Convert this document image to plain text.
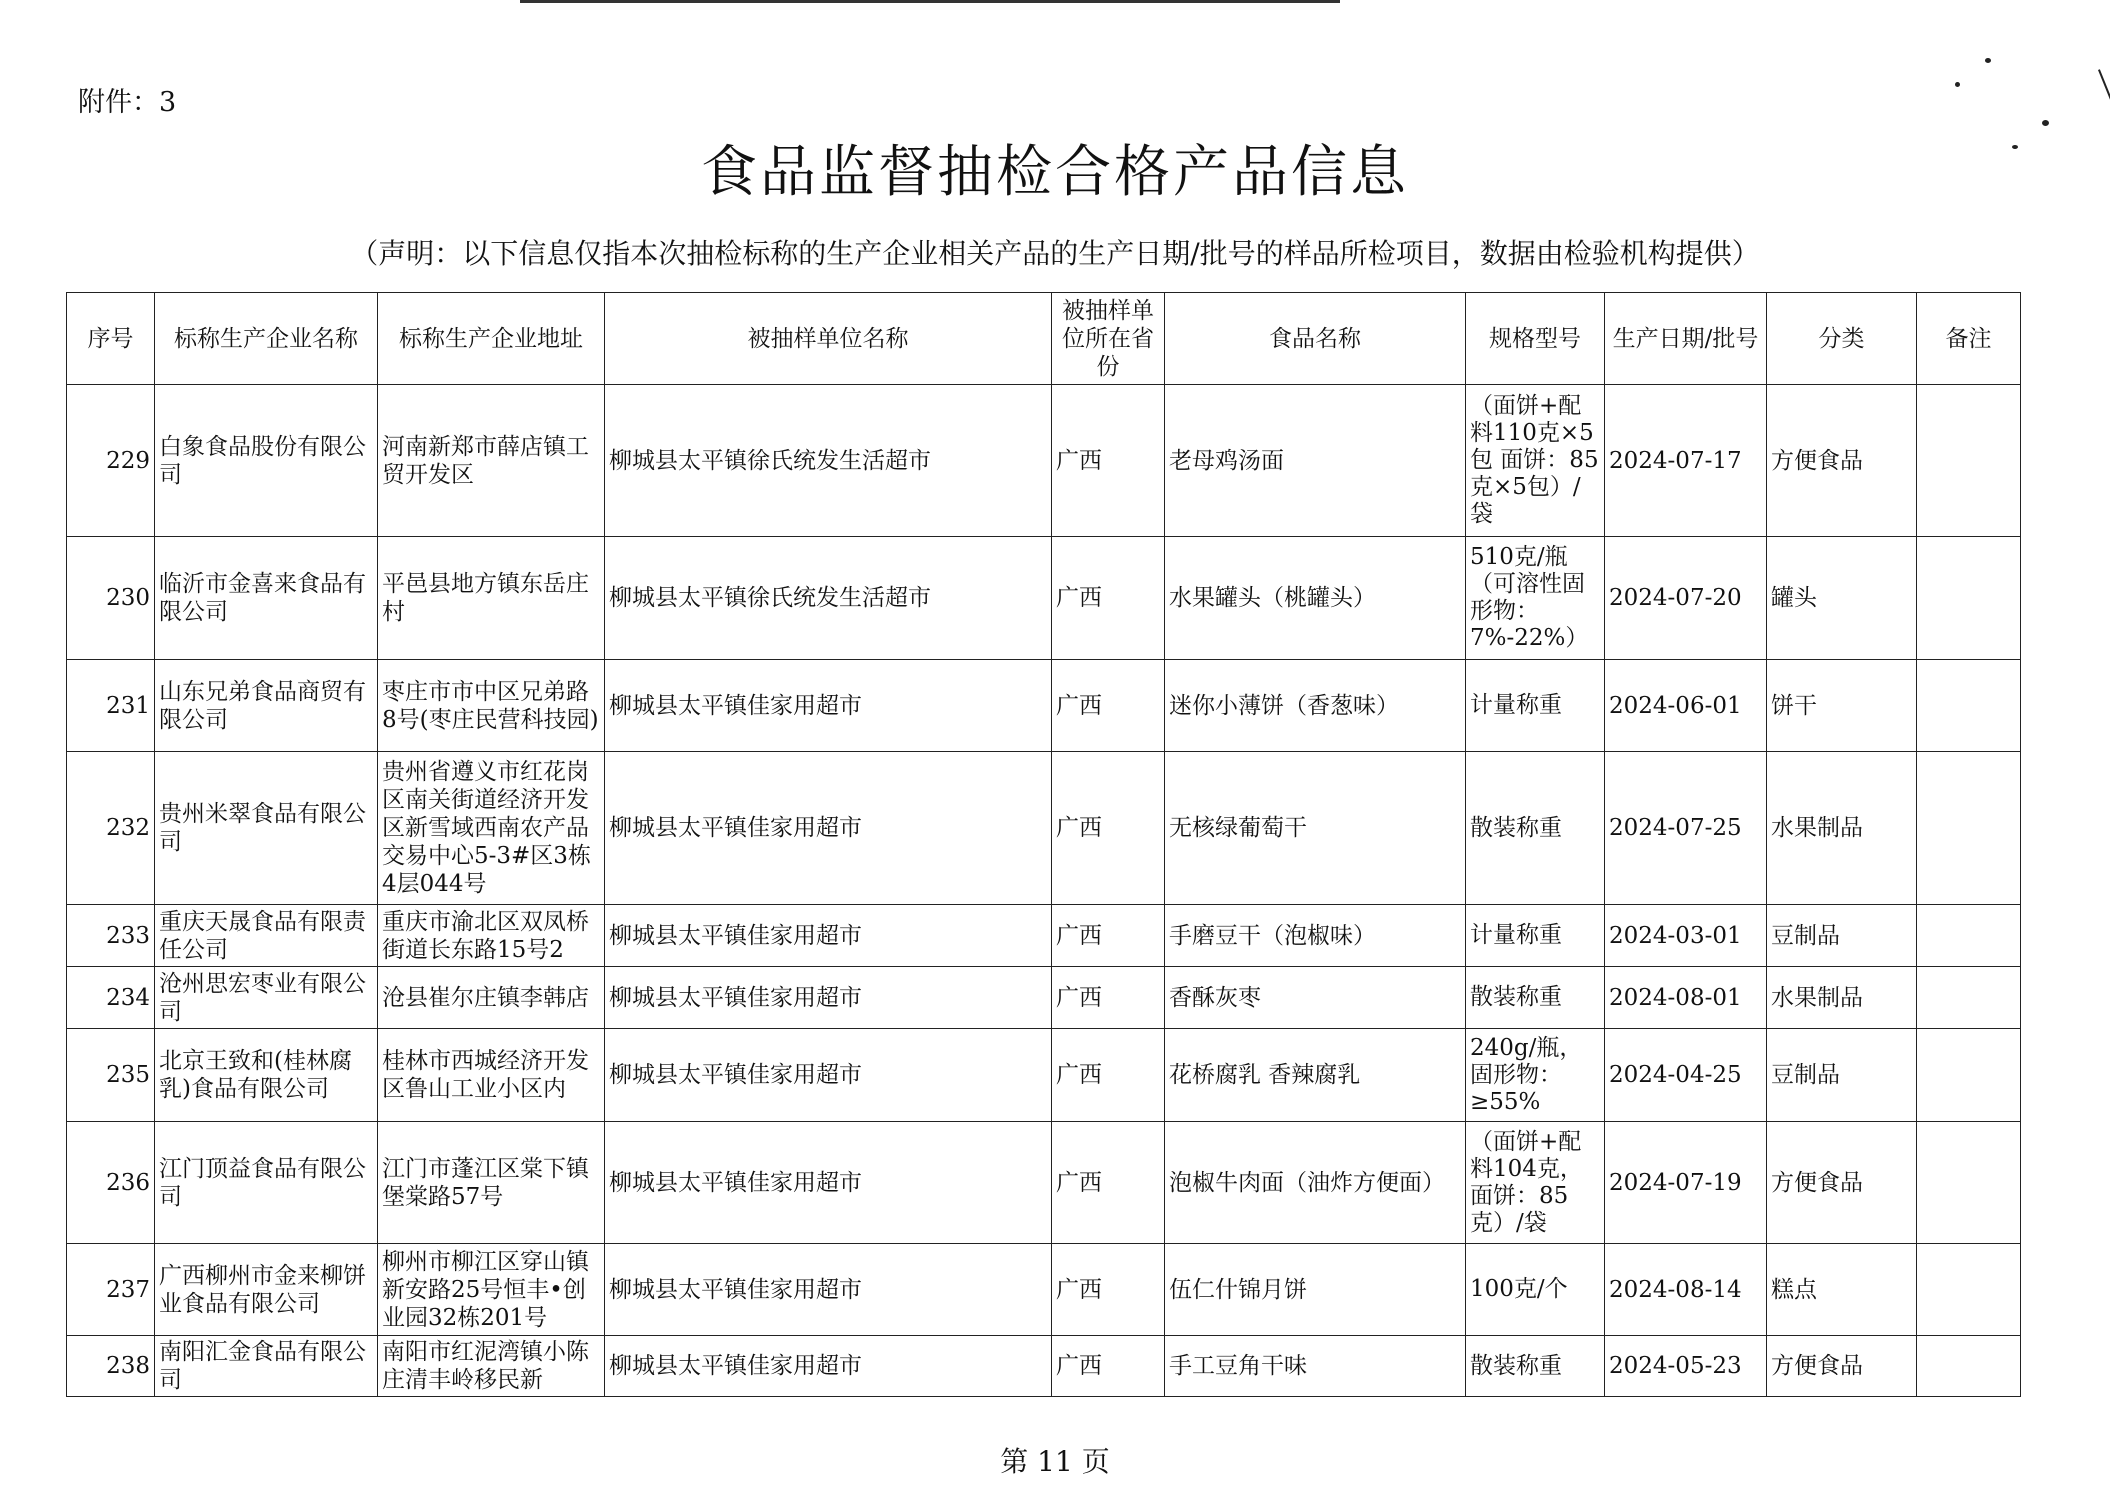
附件：3
食品监督抽检合格产品信息
（声明：以下信息仅指本次抽检标称的生产企业相关产品的生产日期/批号的样品所检项目，数据由检验机构提供）
序号	标称生产企业名称	标称生产企业地址	被抽样单位名称	被抽样单位所在省份	食品名称	规格型号	生产日期/批号	分类	备注
229	白象食品股份有限公司	河南新郑市薛店镇工贸开发区	柳城县太平镇徐氏统发生活超市	广西	老母鸡汤面	（面饼+配料110克×5包 面饼：85克×5包）/袋	2024-07-17	方便食品	
230	临沂市金喜来食品有限公司	平邑县地方镇东岳庄村	柳城县太平镇徐氏统发生活超市	广西	水果罐头（桃罐头）	510克/瓶（可溶性固形物：7%-22%）	2024-07-20	罐头	
231	山东兄弟食品商贸有限公司	枣庄市市中区兄弟路8号(枣庄民营科技园)	柳城县太平镇佳家用超市	广西	迷你小薄饼（香葱味）	计量称重	2024-06-01	饼干	
232	贵州米翠食品有限公司	贵州省遵义市红花岗区南关街道经济开发区新雪域西南农产品交易中心5-3#区3栋4层044号	柳城县太平镇佳家用超市	广西	无核绿葡萄干	散装称重	2024-07-25	水果制品	
233	重庆天晟食品有限责任公司	重庆市渝北区双凤桥街道长东路15号2	柳城县太平镇佳家用超市	广西	手磨豆干（泡椒味）	计量称重	2024-03-01	豆制品	
234	沧州思宏枣业有限公司	沧县崔尔庄镇李韩店	柳城县太平镇佳家用超市	广西	香酥灰枣	散装称重	2024-08-01	水果制品	
235	北京王致和(桂林腐乳)食品有限公司	桂林市西城经济开发区鲁山工业小区内	柳城县太平镇佳家用超市	广西	花桥腐乳 香辣腐乳	240g/瓶，固形物：≥55%	2024-04-25	豆制品	
236	江门顶益食品有限公司	江门市蓬江区棠下镇堡棠路57号	柳城县太平镇佳家用超市	广西	泡椒牛肉面（油炸方便面）	（面饼+配料104克，面饼：85克）/袋	2024-07-19	方便食品	
237	广西柳州市金来柳饼业食品有限公司	柳州市柳江区穿山镇新安路25号恒丰•创业园32栋201号	柳城县太平镇佳家用超市	广西	伍仁什锦月饼	100克/个	2024-08-14	糕点	
238	南阳汇金食品有限公司	南阳市红泥湾镇小陈庄清丰岭移民新	柳城县太平镇佳家用超市	广西	手工豆角干味	散装称重	2024-05-23	方便食品	
第 11 页
